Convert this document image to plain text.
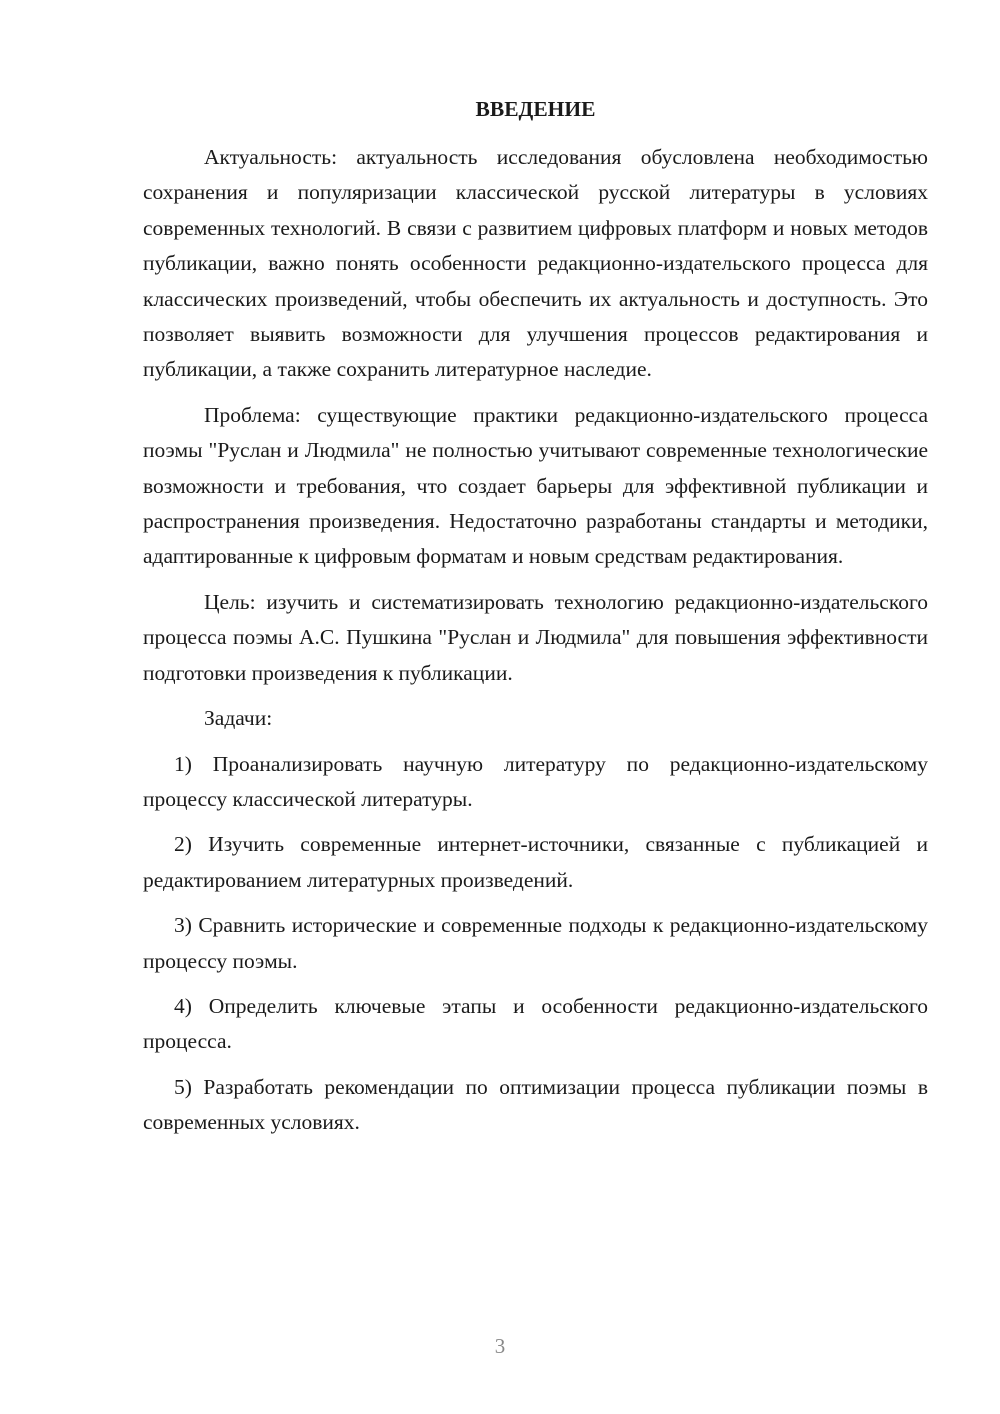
ВВЕДЕНИЕ

Актуальность: актуальность исследования обусловлена необходимостью сохранения и популяризации классической русской литературы в условиях современных технологий. В связи с развитием цифровых платформ и новых методов публикации, важно понять особенности редакционно-издательского процесса для классических произведений, чтобы обеспечить их актуальность и доступность. Это позволяет выявить возможности для улучшения процессов редактирования и публикации, а также сохранить литературное наследие.

Проблема: существующие практики редакционно-издательского процесса поэмы "Руслан и Людмила" не полностью учитывают современные технологические возможности и требования, что создает барьеры для эффективной публикации и распространения произведения. Недостаточно разработаны стандарты и методики, адаптированные к цифровым форматам и новым средствам редактирования.

Цель: изучить и систематизировать технологию редакционно-издательского процесса поэмы А.С. Пушкина "Руслан и Людмила" для повышения эффективности подготовки произведения к публикации.

Задачи:

1) Проанализировать научную литературу по редакционно-издательскому процессу классической литературы.

2) Изучить современные интернет-источники, связанные с публикацией и редактированием литературных произведений.

3) Сравнить исторические и современные подходы к редакционно-издательскому процессу поэмы.

4) Определить ключевые этапы и особенности редакционно-издательского процесса.

5) Разработать рекомендации по оптимизации процесса публикации поэмы в современных условиях.

3
